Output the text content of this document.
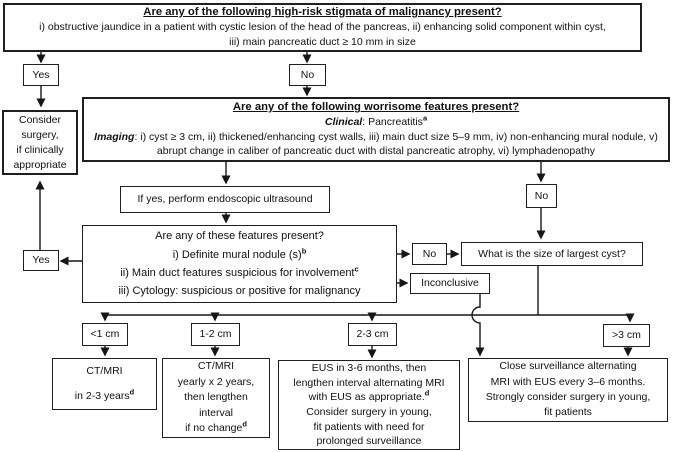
Are any of the following high-risk stigmata of malignancy present?
i) obstructive jaundice in a patient with cystic lesion of the head of the pancreas, ii) enhancing solid component within cyst,
iii) main pancreatic duct ≥ 10 mm in size
Yes	No
Consider
surgery,
if clinically
appropriate
Are any of the following worrisome features present?
Clinical: Pancreatitis$^a$
Imaging: i) cyst ≥ 3 cm, ii) thickened/enhancing cyst walls, iii) main duct size 5–9 mm, iv) non-enhancing mural nodule, v) abrupt change in caliber of pancreatic duct with distal pancreatic atrophy, vi) lymphadenopathy
If yes, perform endoscopic ultrasound	No
Are any of these features present?
i) Definite mural nodule $(s)^b$
ii) Main duct features suspicious for involvement$^c$
iii) Cytology: suspicious or positive for malignancy
Yes
No
Inconclusive
What is the size of largest cyst?
<1 cm	1-2 cm	2-3 cm	>3 cm
CT/MRI
in 2-3 years$^d$
CT/MRI
yearly x 2 years,
then lengthen
interval
if no change$^d$
EUS in 3-6 months, then
lengthen interval alternating MRI
with EUS as appropriate.$^d$
Consider surgery in young,
fit patients with need for
prolonged surveillance
Close surveillance alternating
MRI with EUS every 3–6 months.
Strongly consider surgery in young,
fit patients
